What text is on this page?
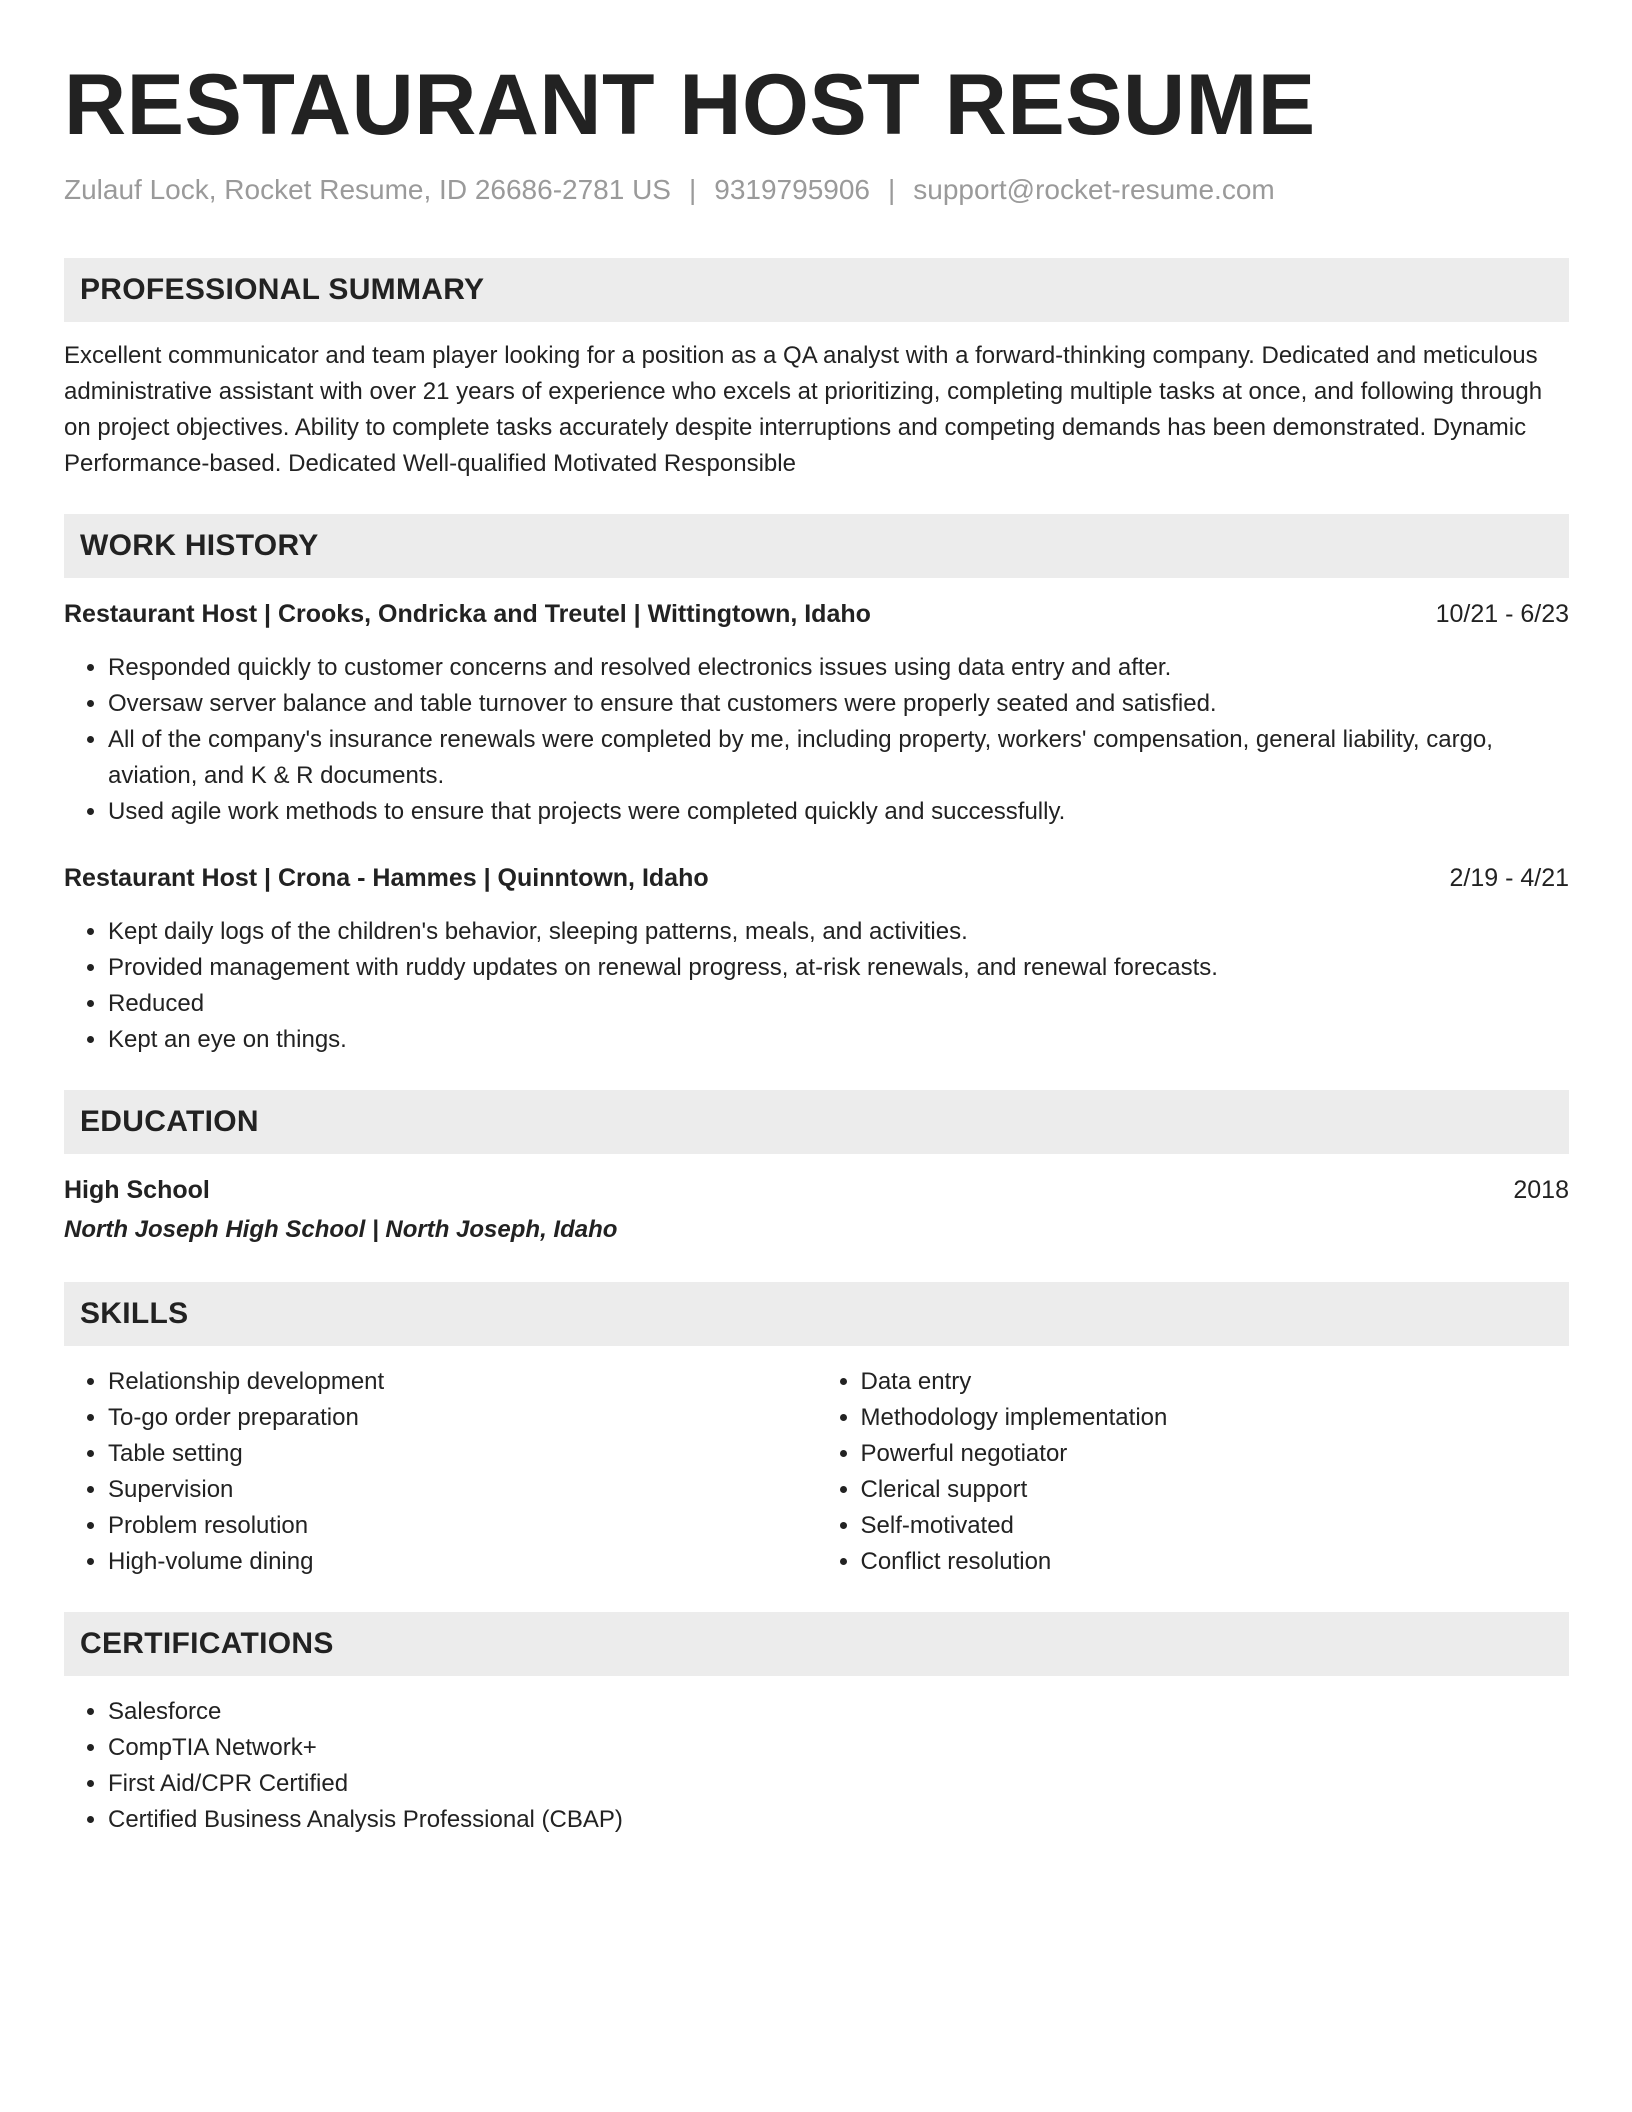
RESTAURANT HOST RESUME
Zulauf Lock, Rocket Resume, ID 26686-2781 US | 9319795906 | support@rocket-resume.com
PROFESSIONAL SUMMARY
Excellent communicator and team player looking for a position as a QA analyst with a forward-thinking company. Dedicated and meticulous administrative assistant with over 21 years of experience who excels at prioritizing, completing multiple tasks at once, and following through on project objectives. Ability to complete tasks accurately despite interruptions and competing demands has been demonstrated. Dynamic Performance-based. Dedicated Well-qualified Motivated Responsible
WORK HISTORY
Restaurant Host | Crooks, Ondricka and Treutel | Wittingtown, Idaho	10/21 - 6/23
• Responded quickly to customer concerns and resolved electronics issues using data entry and after.
• Oversaw server balance and table turnover to ensure that customers were properly seated and satisfied.
• All of the company's insurance renewals were completed by me, including property, workers' compensation, general liability, cargo, aviation, and K & R documents.
• Used agile work methods to ensure that projects were completed quickly and successfully.
Restaurant Host | Crona - Hammes | Quinntown, Idaho	2/19 - 4/21
• Kept daily logs of the children's behavior, sleeping patterns, meals, and activities.
• Provided management with ruddy updates on renewal progress, at-risk renewals, and renewal forecasts.
• Reduced
• Kept an eye on things.
EDUCATION
High School	2018
North Joseph High School | North Joseph, Idaho
SKILLS
• Relationship development
• To-go order preparation
• Table setting
• Supervision
• Problem resolution
• High-volume dining
• Data entry
• Methodology implementation
• Powerful negotiator
• Clerical support
• Self-motivated
• Conflict resolution
CERTIFICATIONS
• Salesforce
• CompTIA Network+
• First Aid/CPR Certified
• Certified Business Analysis Professional (CBAP)
